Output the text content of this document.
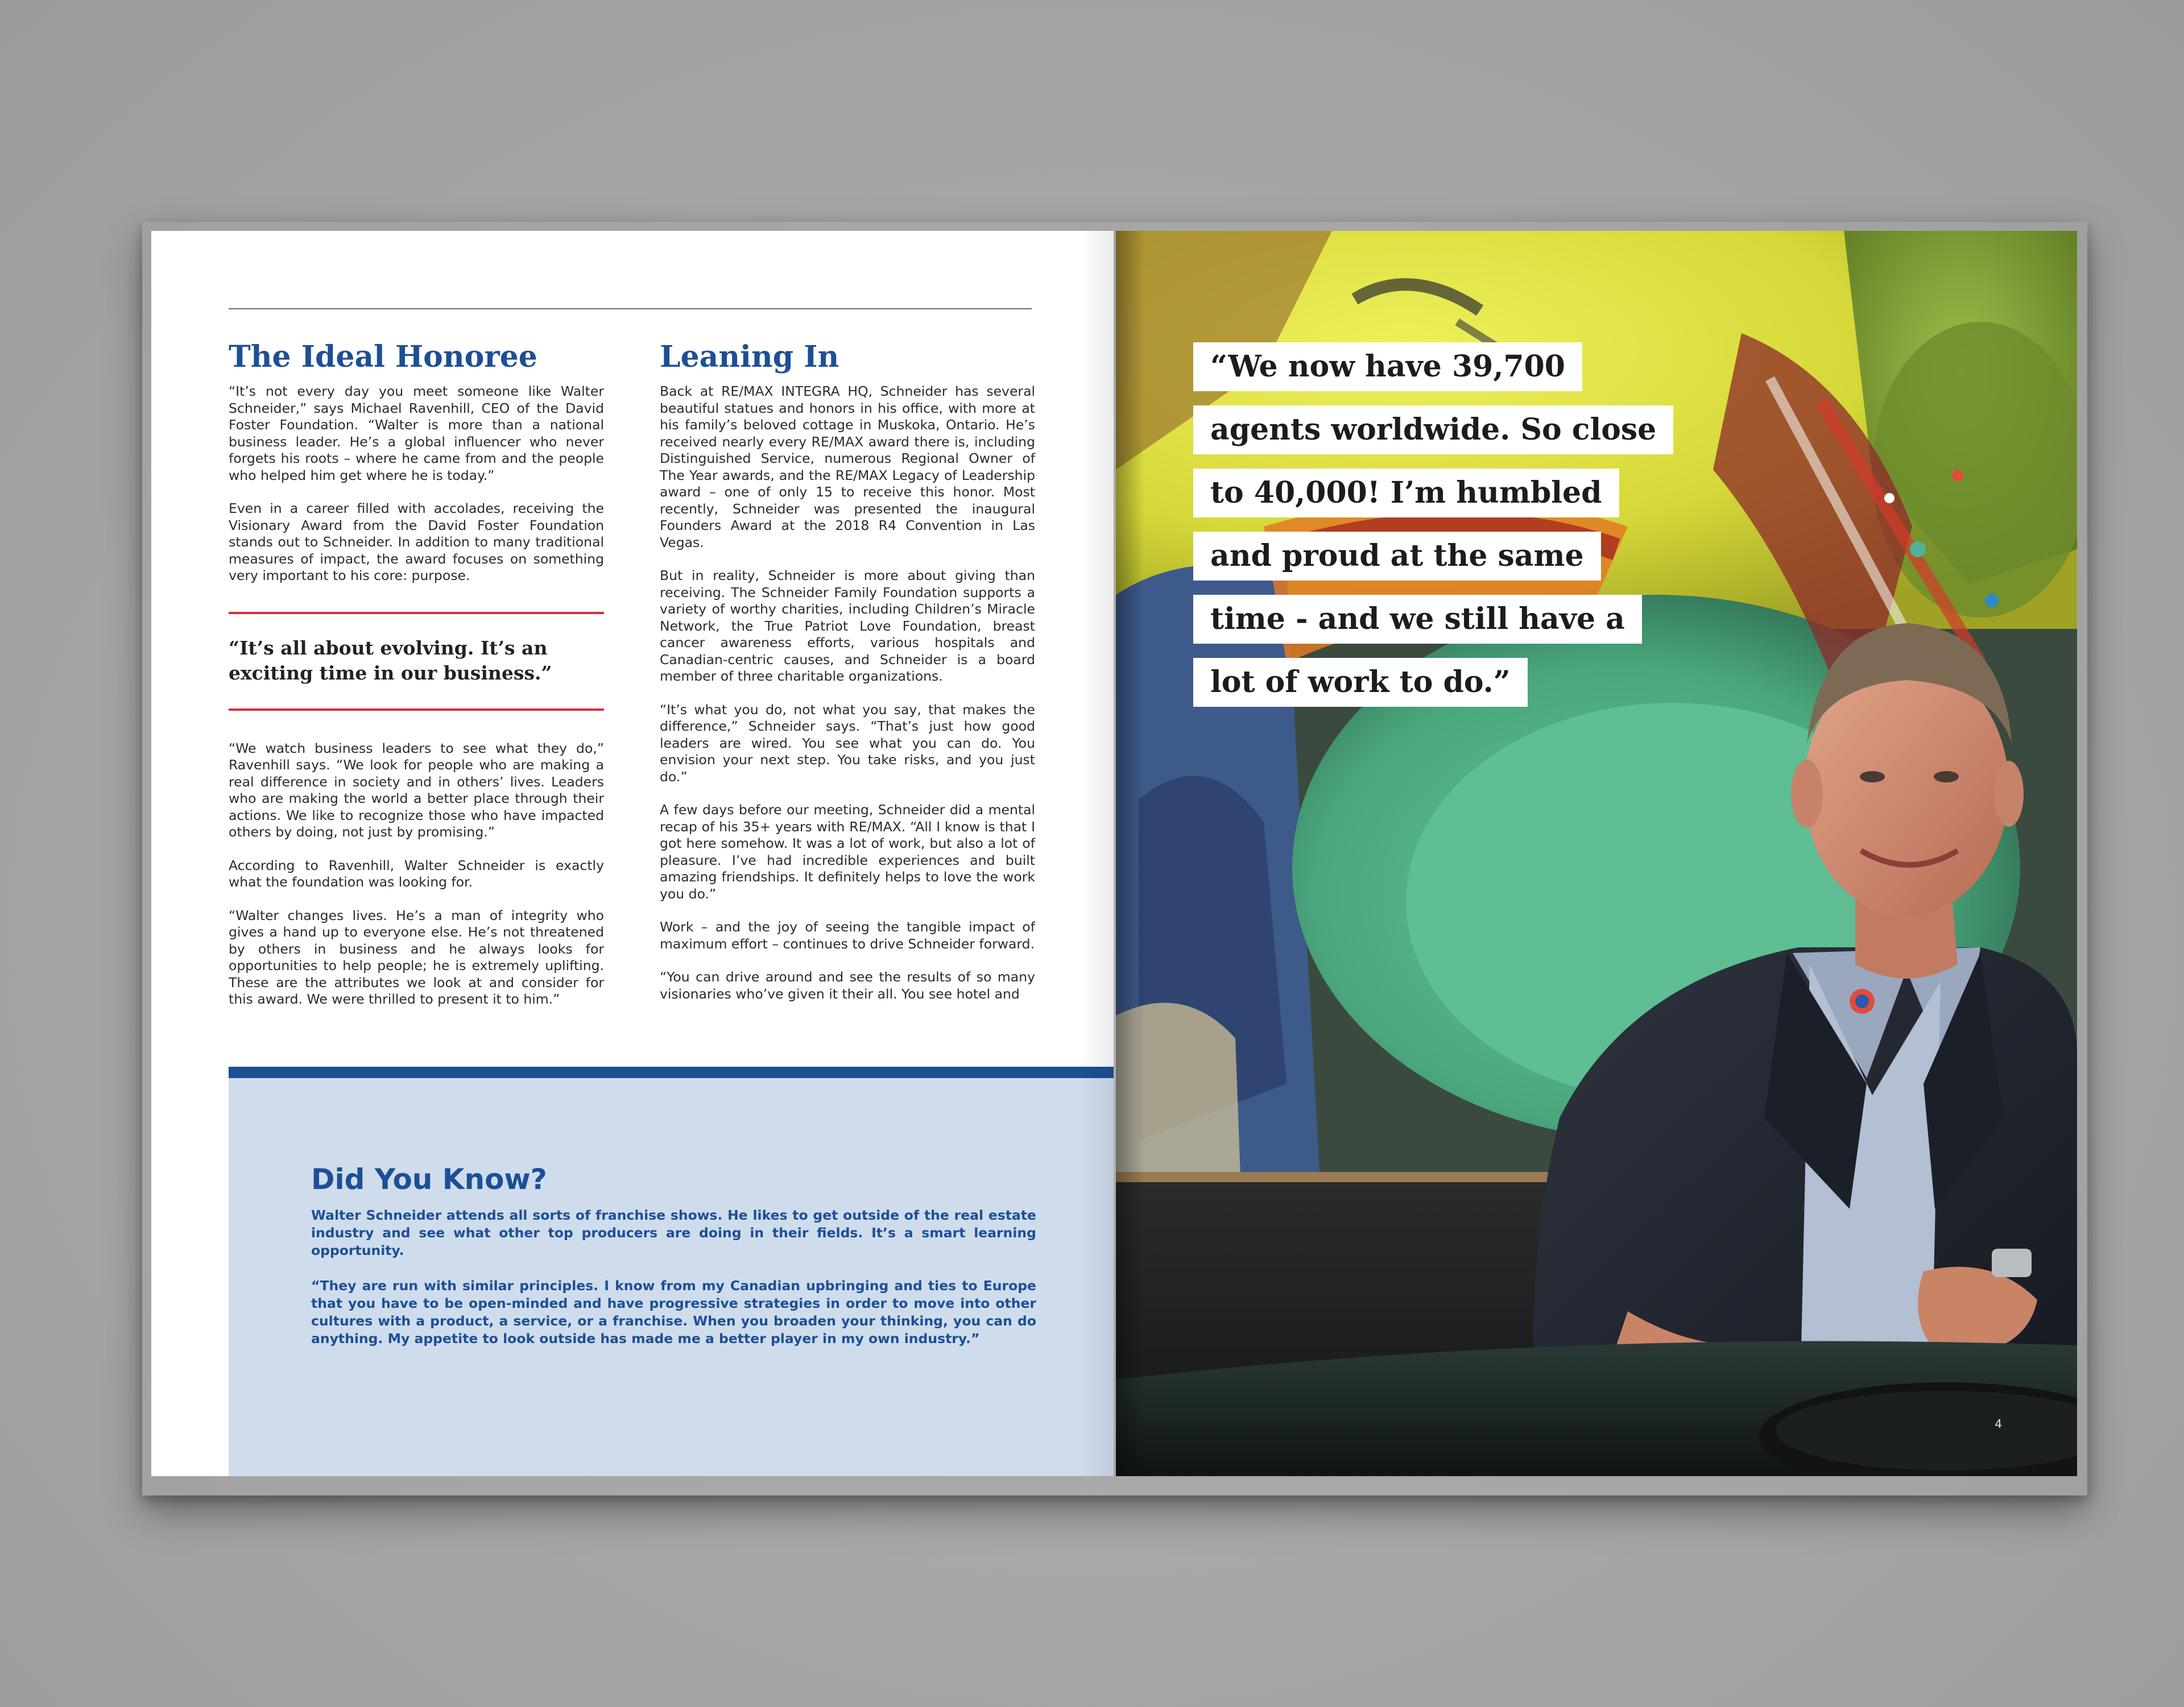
The Ideal Honoree

“It’s not every day you meet someone like Walter Schneider,” says Michael Ravenhill, CEO of the David Foster Foundation. “Walter is more than a national business leader. He’s a global influencer who never forgets his roots – where he came from and the people who helped him get where he is today.”

Even in a career filled with accolades, receiving the Visionary Award from the David Foster Foundation stands out to Schneider. In addition to many traditional measures of impact, the award focuses on something very important to his core: purpose.

“It’s all about evolving. It’s an exciting time in our business.”

“We watch business leaders to see what they do,” Ravenhill says. “We look for people who are making a real difference in society and in others’ lives. Leaders who are making the world a better place through their actions. We like to recognize those who have impacted others by doing, not just by promising.”

According to Ravenhill, Walter Schneider is exactly what the foundation was looking for.

“Walter changes lives. He’s a man of integrity who gives a hand up to everyone else. He’s not threatened by others in business and he always looks for opportunities to help people; he is extremely uplifting. These are the attributes we look at and consider for this award. We were thrilled to present it to him.”

Leaning In

Back at RE/MAX INTEGRA HQ, Schneider has several beautiful statues and honors in his office, with more at his family’s beloved cottage in Muskoka, Ontario. He’s received nearly every RE/MAX award there is, including Distinguished Service, numerous Regional Owner of The Year awards, and the RE/MAX Legacy of Leadership award – one of only 15 to receive this honor. Most recently, Schneider was presented the inaugural Founders Award at the 2018 R4 Convention in Las Vegas.

But in reality, Schneider is more about giving than receiving. The Schneider Family Foundation supports a variety of worthy charities, including Children’s Miracle Network, the True Patriot Love Foundation, breast cancer awareness efforts, various hospitals and Canadian-centric causes, and Schneider is a board member of three charitable organizations.

“It’s what you do, not what you say, that makes the difference,” Schneider says. “That’s just how good leaders are wired. You see what you can do. You envision your next step. You take risks, and you just do.”

A few days before our meeting, Schneider did a mental recap of his 35+ years with RE/MAX. “All I know is that I got here somehow. It was a lot of work, but also a lot of pleasure. I’ve had incredible experiences and built amazing friendships. It definitely helps to love the work you do.”

Work – and the joy of seeing the tangible impact of maximum effort – continues to drive Schneider forward.

“You can drive around and see the results of so many visionaries who’ve given it their all. You see hotel and

Did You Know?

Walter Schneider attends all sorts of franchise shows. He likes to get outside of the real estate industry and see what other top producers are doing in their fields. It’s a smart learning opportunity.

“They are run with similar principles. I know from my Canadian upbringing and ties to Europe that you have to be open-minded and have progressive strategies in order to move into other cultures with a product, a service, or a franchise. When you broaden your thinking, you can do anything. My appetite to look outside has made me a better player in my own industry.”

“We now have 39,700
agents worldwide. So close
to 40,000! I’m humbled
and proud at the same
time - and we still have a
lot of work to do.”
4
